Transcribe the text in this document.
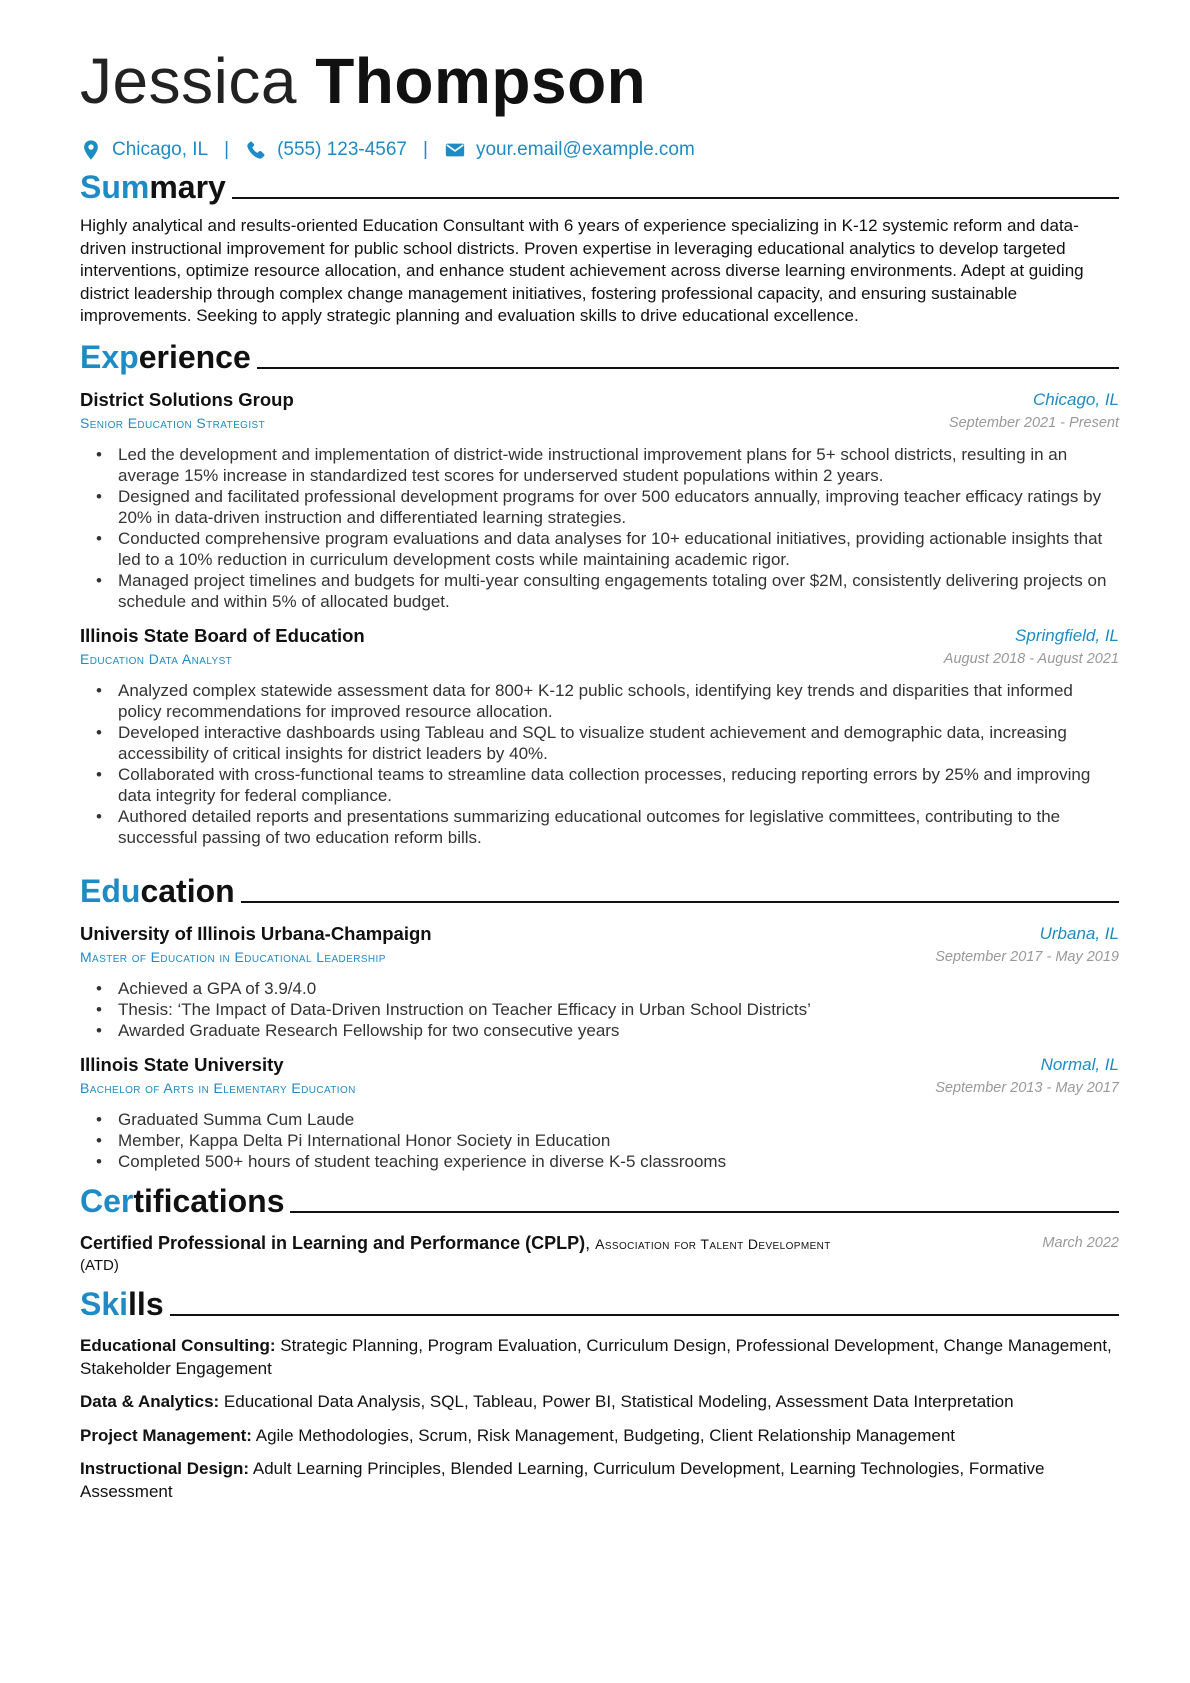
Jessica Thompson
Chicago, IL |	(555) 123-4567 |	your.email@example.com
Summary

Highly analytical and results-oriented Education Consultant with 6 years of experience specializing in K-12 systemic reform and data-driven instructional improvement for public school districts. Proven expertise in leveraging educational analytics to develop targeted interventions, optimize resource allocation, and enhance student achievement across diverse learning environments. Adept at guiding district leadership through complex change management initiatives, fostering professional capacity, and ensuring sustainable improvements. Seeking to apply strategic planning and evaluation skills to drive educational excellence.

Experience
District Solutions Group	Chicago, IL
Senior Education Strategist	September 2021 - Present
• Led the development and implementation of district-wide instructional improvement plans for 5+ school districts, resulting in an average 15% increase in standardized test scores for underserved student populations within 2 years.
• Designed and facilitated professional development programs for over 500 educators annually, improving teacher efficacy ratings by 20% in data-driven instruction and differentiated learning strategies.
• Conducted comprehensive program evaluations and data analyses for 10+ educational initiatives, providing actionable insights that led to a 10% reduction in curriculum development costs while maintaining academic rigor.
• Managed project timelines and budgets for multi-year consulting engagements totaling over $2M, consistently delivering projects on schedule and within 5% of allocated budget.
Illinois State Board of Education	Springfield, IL
Education Data Analyst	August 2018 - August 2021
• Analyzed complex statewide assessment data for 800+ K-12 public schools, identifying key trends and disparities that informed policy recommendations for improved resource allocation.
• Developed interactive dashboards using Tableau and SQL to visualize student achievement and demographic data, increasing accessibility of critical insights for district leaders by 40%.
• Collaborated with cross-functional teams to streamline data collection processes, reducing reporting errors by 25% and improving data integrity for federal compliance.
• Authored detailed reports and presentations summarizing educational outcomes for legislative committees, contributing to the successful passing of two education reform bills.
Education
University of Illinois Urbana-Champaign	Urbana, IL
Master of Education in Educational Leadership	September 2017 - May 2019
• Achieved a GPA of 3.9/4.0
• Thesis: ‘The Impact of Data-Driven Instruction on Teacher Efficacy in Urban School Districts’
• Awarded Graduate Research Fellowship for two consecutive years
Illinois State University	Normal, IL
Bachelor of Arts in Elementary Education	September 2013 - May 2017
• Graduated Summa Cum Laude
• Member, Kappa Delta Pi International Honor Society in Education
• Completed 500+ hours of student teaching experience in diverse K-5 classrooms
Certifications
Certified Professional in Learning and Performance (CPLP), Association for Talent Development
(ATD)
March 2022
Skills

Educational Consulting: Strategic Planning, Program Evaluation, Curriculum Design, Professional Development, Change Management, Stakeholder Engagement

Data & Analytics: Educational Data Analysis, SQL, Tableau, Power BI, Statistical Modeling, Assessment Data Interpretation

Project Management: Agile Methodologies, Scrum, Risk Management, Budgeting, Client Relationship Management

Instructional Design: Adult Learning Principles, Blended Learning, Curriculum Development, Learning Technologies, Formative Assessment
